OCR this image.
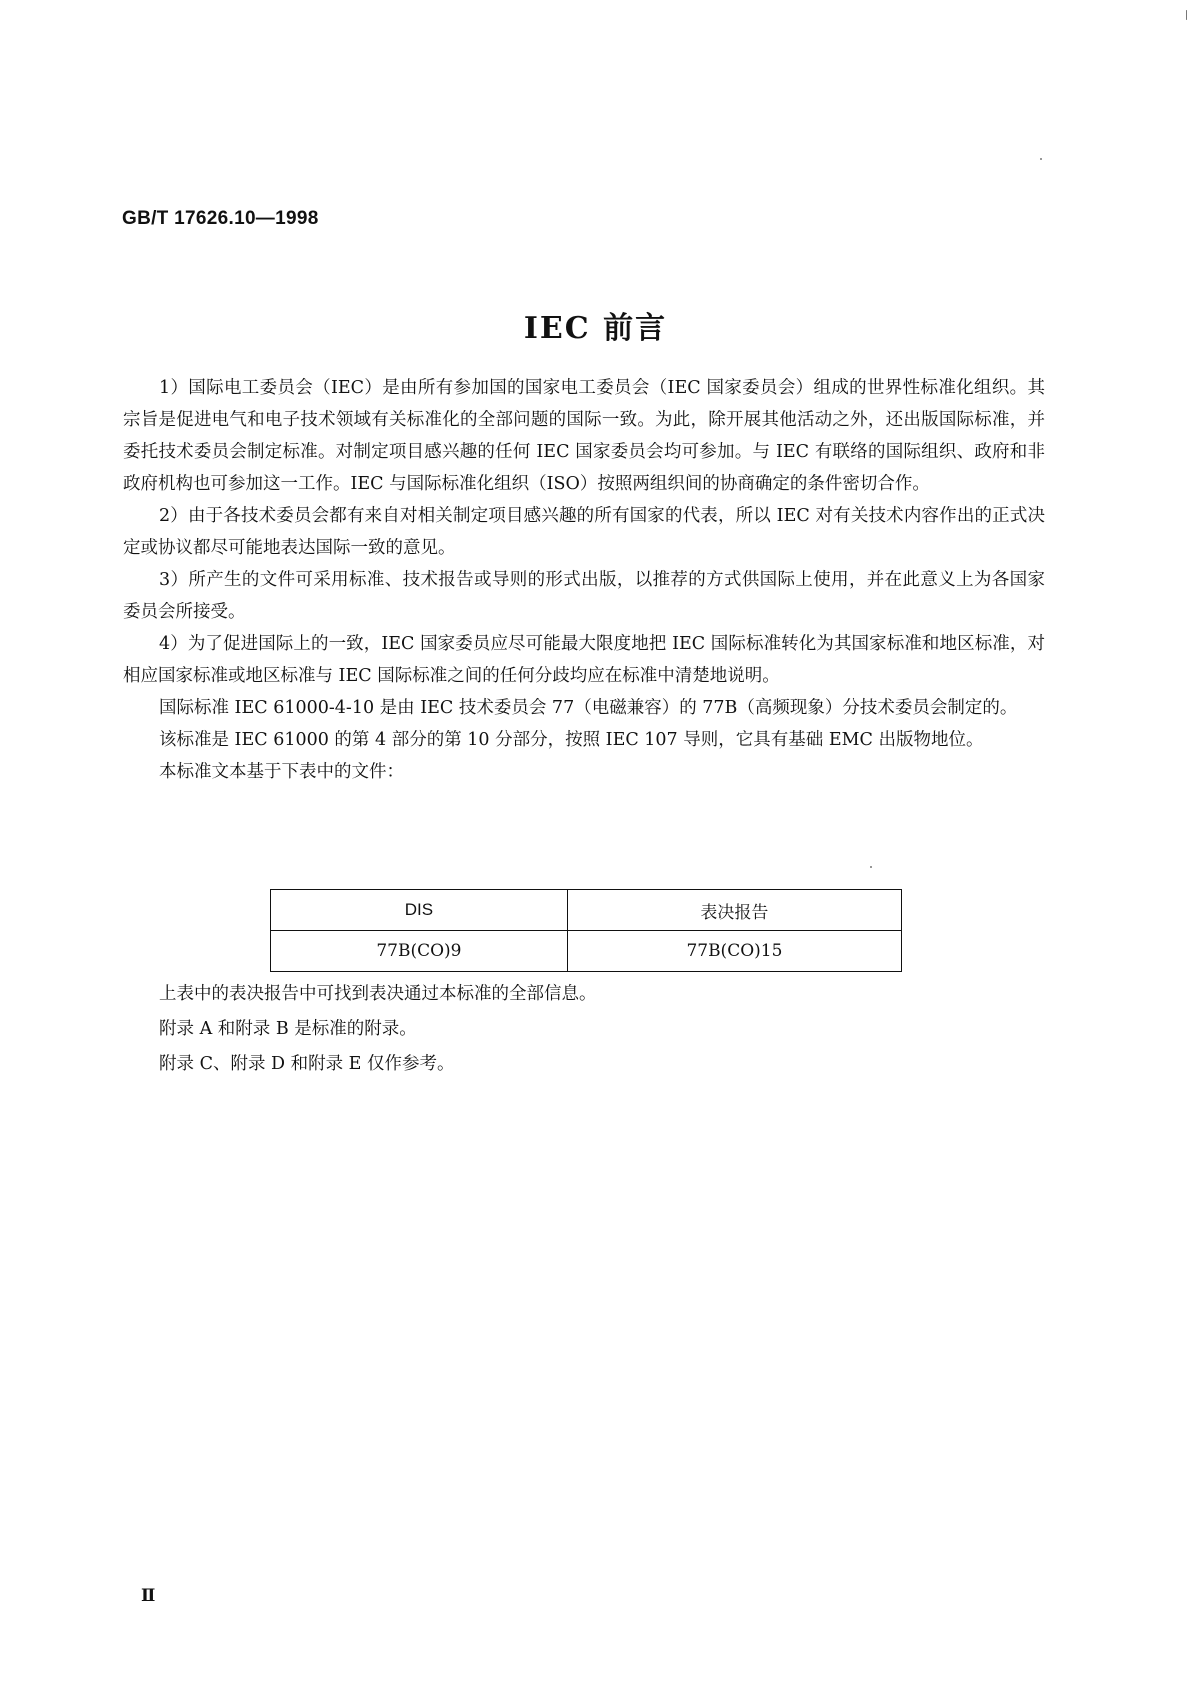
GB/T 17626.10—1998
IEC 前言

1）国际电工委员会（IEC）是由所有参加国的国家电工委员会（IEC 国家委员会）组成的世界性标准化组织。其宗旨是促进电气和电子技术领域有关标准化的全部问题的国际一致。为此，除开展其他活动之外，还出版国际标准，并委托技术委员会制定标准。对制定项目感兴趣的任何 IEC 国家委员会均可参加。与 IEC 有联络的国际组织、政府和非政府机构也可参加这一工作。IEC 与国际标准化组织（ISO）按照两组织间的协商确定的条件密切合作。

2）由于各技术委员会都有来自对相关制定项目感兴趣的所有国家的代表，所以 IEC 对有关技术内容作出的正式决定或协议都尽可能地表达国际一致的意见。

3）所产生的文件可采用标准、技术报告或导则的形式出版，以推荐的方式供国际上使用，并在此意义上为各国家委员会所接受。

4）为了促进国际上的一致，IEC 国家委员应尽可能最大限度地把 IEC 国际标准转化为其国家标准和地区标准，对相应国家标准或地区标准与 IEC 国际标准之间的任何分歧均应在标准中清楚地说明。

国际标准 IEC 61000-4-10 是由 IEC 技术委员会 77（电磁兼容）的 77B（高频现象）分技术委员会制定的。

该标准是 IEC 61000 的第 4 部分的第 10 分部分，按照 IEC 107 导则，它具有基础 EMC 出版物地位。

本标准文本基于下表中的文件：

DIS	表决报告
77B(CO)9	77B(CO)15

上表中的表决报告中可找到表决通过本标准的全部信息。

附录 A 和附录 B 是标准的附录。

附录 C、附录 D 和附录 E 仅作参考。

Ⅱ
